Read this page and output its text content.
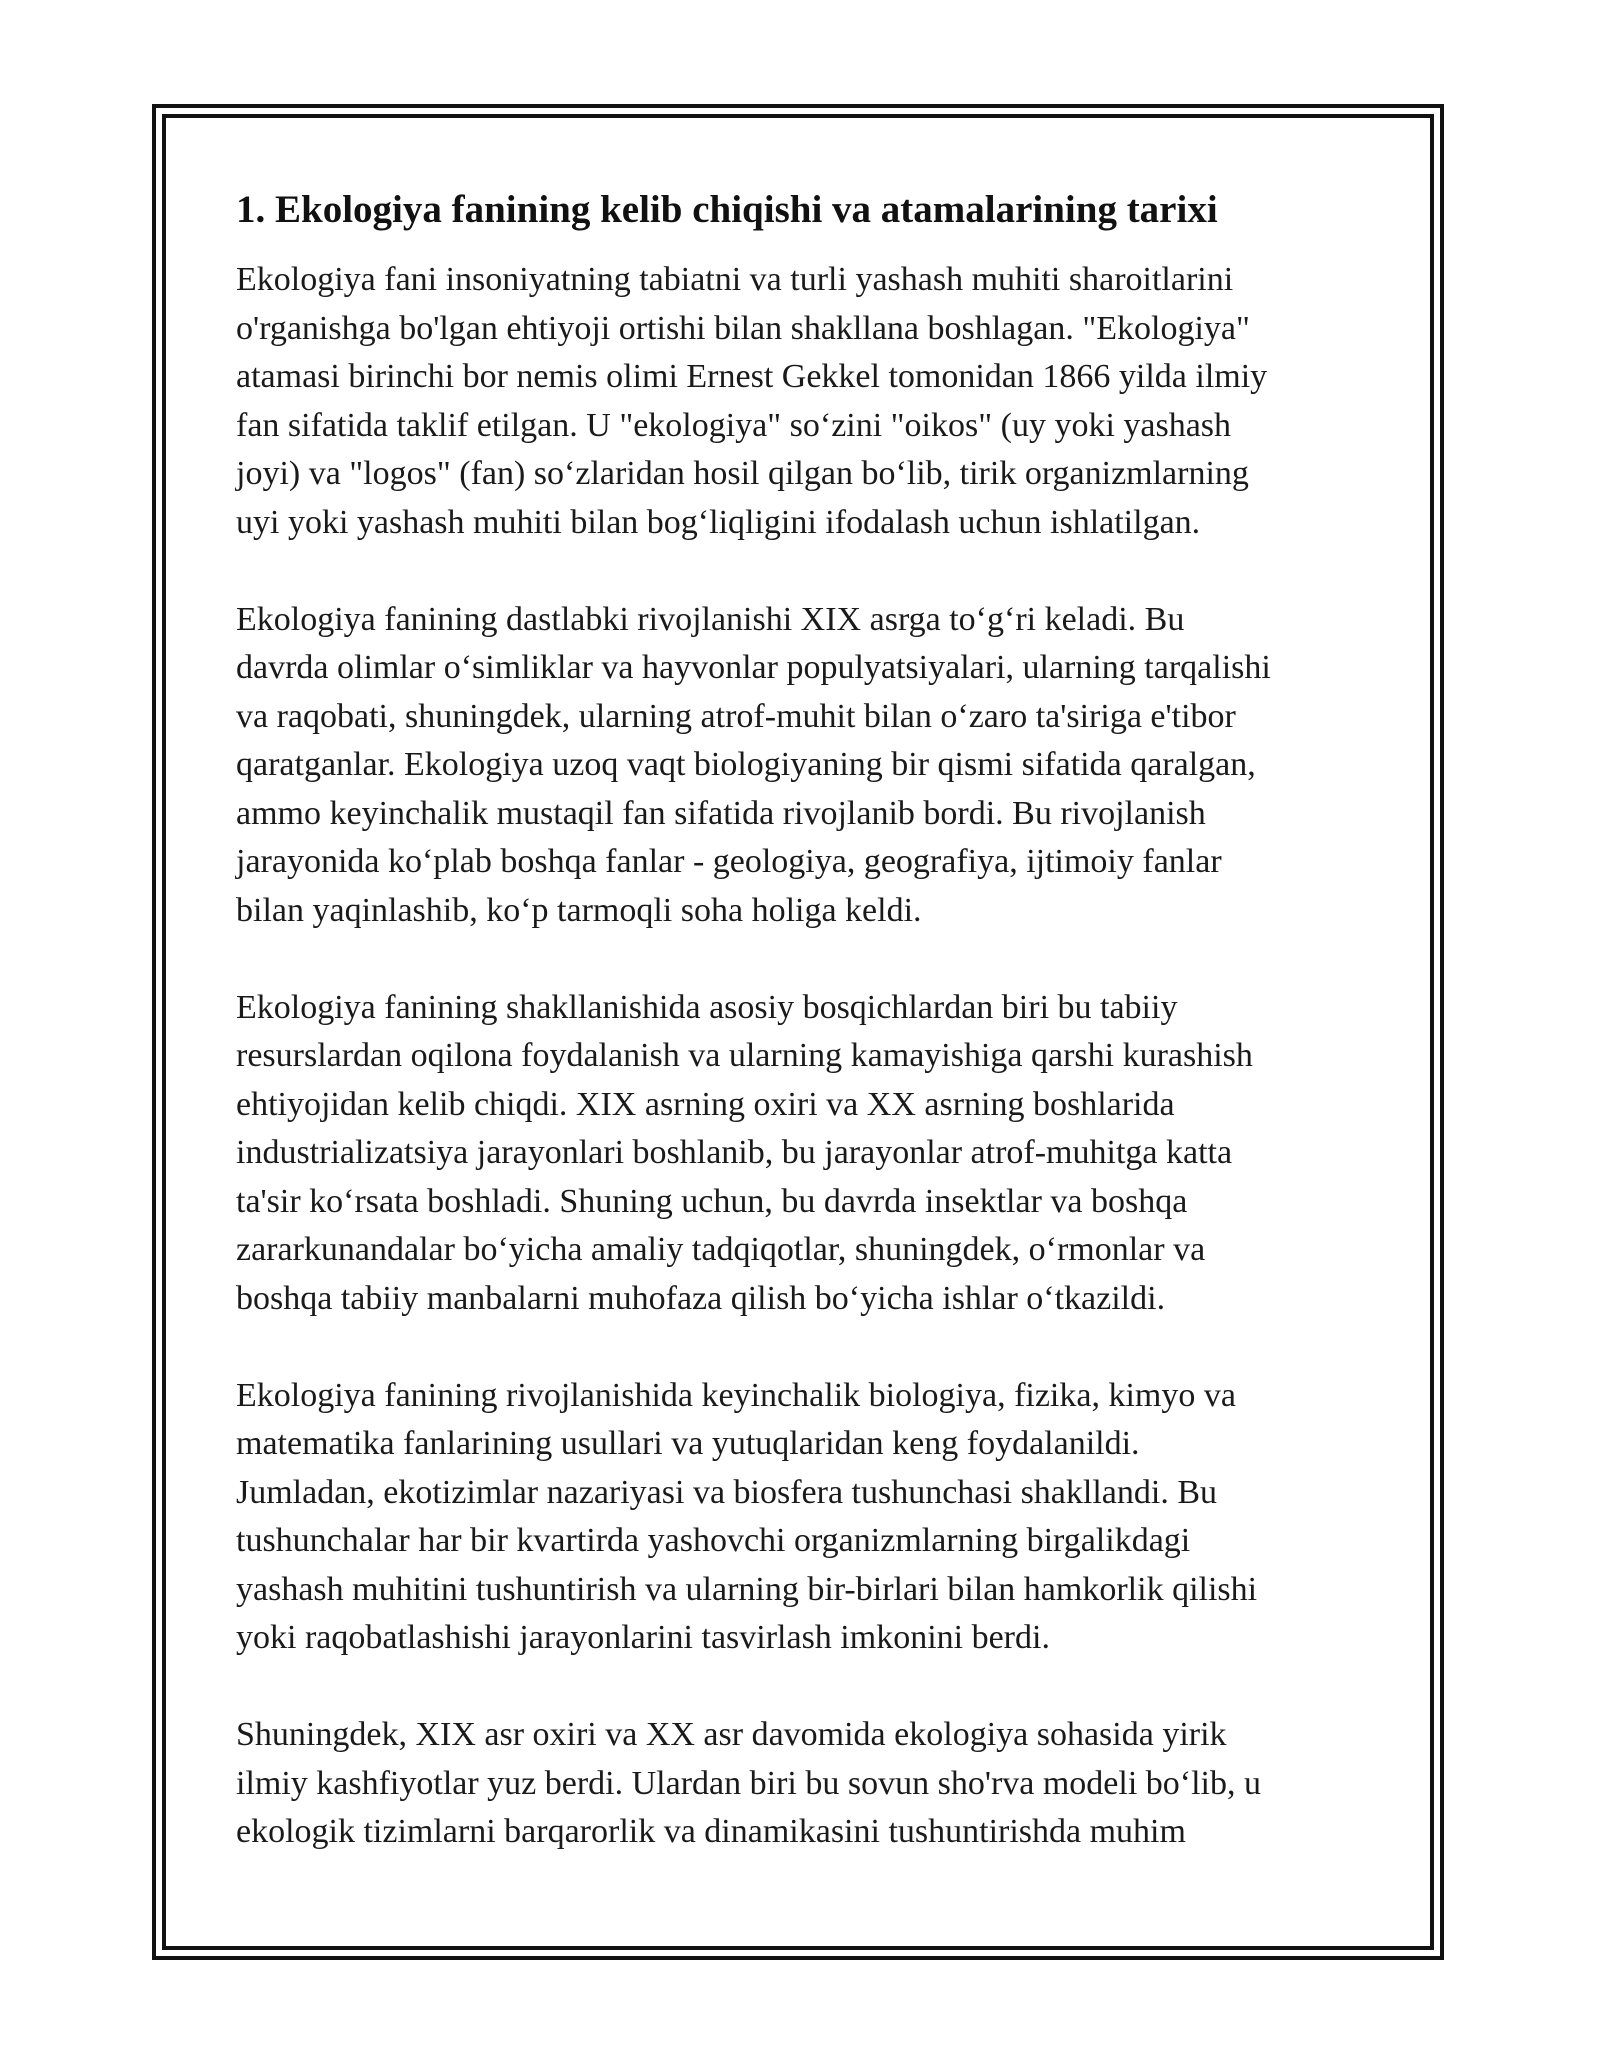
1. Ekologiya fanining kelib chiqishi va atamalarining tarixi

Ekologiya fani insoniyatning tabiatni va turli yashash muhiti sharoitlarini
o'rganishga bo'lgan ehtiyoji ortishi bilan shakllana boshlagan. "Ekologiya"
atamasi birinchi bor nemis olimi Ernest Gekkel tomonidan 1866 yilda ilmiy
fan sifatida taklif etilgan. U "ekologiya" so‘zini "oikos" (uy yoki yashash
joyi) va "logos" (fan) so‘zlaridan hosil qilgan bo‘lib, tirik organizmlarning
uyi yoki yashash muhiti bilan bog‘liqligini ifodalash uchun ishlatilgan.

Ekologiya fanining dastlabki rivojlanishi XIX asrga to‘g‘ri keladi. Bu
davrda olimlar o‘simliklar va hayvonlar populyatsiyalari, ularning tarqalishi
va raqobati, shuningdek, ularning atrof-muhit bilan o‘zaro ta'siriga e'tibor
qaratganlar. Ekologiya uzoq vaqt biologiyaning bir qismi sifatida qaralgan,
ammo keyinchalik mustaqil fan sifatida rivojlanib bordi. Bu rivojlanish
jarayonida ko‘plab boshqa fanlar - geologiya, geografiya, ijtimoiy fanlar
bilan yaqinlashib, ko‘p tarmoqli soha holiga keldi.

Ekologiya fanining shakllanishida asosiy bosqichlardan biri bu tabiiy
resurslardan oqilona foydalanish va ularning kamayishiga qarshi kurashish
ehtiyojidan kelib chiqdi. XIX asrning oxiri va XX asrning boshlarida
industrializatsiya jarayonlari boshlanib, bu jarayonlar atrof-muhitga katta
ta'sir ko‘rsata boshladi. Shuning uchun, bu davrda insektlar va boshqa
zararkunandalar bo‘yicha amaliy tadqiqotlar, shuningdek, o‘rmonlar va
boshqa tabiiy manbalarni muhofaza qilish bo‘yicha ishlar o‘tkazildi.

Ekologiya fanining rivojlanishida keyinchalik biologiya, fizika, kimyo va
matematika fanlarining usullari va yutuqlaridan keng foydalanildi.
Jumladan, ekotizimlar nazariyasi va biosfera tushunchasi shakllandi. Bu
tushunchalar har bir kvartirda yashovchi organizmlarning birgalikdagi
yashash muhitini tushuntirish va ularning bir-birlari bilan hamkorlik qilishi
yoki raqobatlashishi jarayonlarini tasvirlash imkonini berdi.

Shuningdek, XIX asr oxiri va XX asr davomida ekologiya sohasida yirik
ilmiy kashfiyotlar yuz berdi. Ulardan biri bu sovun sho'rva modeli bo‘lib, u
ekologik tizimlarni barqarorlik va dinamikasini tushuntirishda muhim
